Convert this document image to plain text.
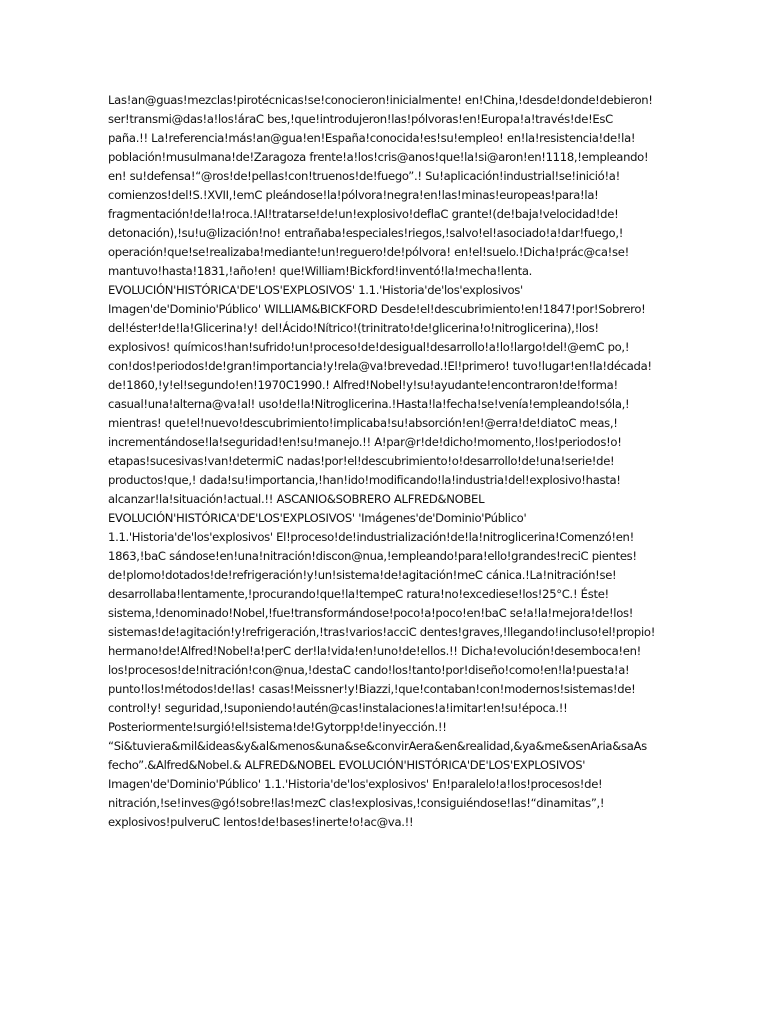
Las!an@guas!mezclas!pirotécnicas!se!conocieron!inicialmente! en!China,!desde!donde!debieron!
ser!transmi@das!a!los!áraC bes,!que!introdujeron!las!pólvoras!en!Europa!a!través!de!EsC
paña.!! La!referencia!más!an@gua!en!España!conocida!es!su!empleo! en!la!resistencia!de!la!
población!musulmana!de!Zaragoza frente!a!los!cris@anos!que!la!si@aron!en!1118,!empleando!
en! su!defensa!“@ros!de!pellas!con!truenos!de!fuego”.! Su!aplicación!industrial!se!inició!a!
comienzos!del!S.!XVII,!emC pleándose!la!pólvora!negra!en!las!minas!europeas!para!la!
fragmentación!de!la!roca.!Al!tratarse!de!un!explosivo!deflaC grante!(de!baja!velocidad!de!
detonación),!su!u@lización!no! entrañaba!especiales!riegos,!salvo!el!asociado!a!dar!fuego,!
operación!que!se!realizaba!mediante!un!reguero!de!pólvora! en!el!suelo.!Dicha!prác@ca!se!
mantuvo!hasta!1831,!año!en! que!William!Bickford!inventó!la!mecha!lenta.
EVOLUCIÓN'HISTÓRICA'DE'LOS'EXPLOSIVOS' 1.1.'Historia'de'los'explosivos'
Imagen'de'Dominio'Público' WILLIAM&BICKFORD Desde!el!descubrimiento!en!1847!por!Sobrero!
del!éster!de!la!Glicerina!y! del!Ácido!Nítrico!(trinitrato!de!glicerina!o!nitroglicerina),!los!
explosivos! químicos!han!sufrido!un!proceso!de!desigual!desarrollo!a!lo!largo!del!@emC po,!
con!dos!periodos!de!gran!importancia!y!rela@va!brevedad.!El!primero! tuvo!lugar!en!la!década!
de!1860,!y!el!segundo!en!1970C1990.! Alfred!Nobel!y!su!ayudante!encontraron!de!forma!
casual!una!alterna@va!al! uso!de!la!Nitroglicerina.!Hasta!la!fecha!se!venía!empleando!sóla,!
mientras! que!el!nuevo!descubrimiento!implicaba!su!absorción!en!@erra!de!diatoC meas,!
incrementándose!la!seguridad!en!su!manejo.!! A!par@r!de!dicho!momento,!los!periodos!o!
etapas!sucesivas!van!determiC nadas!por!el!descubrimiento!o!desarrollo!de!una!serie!de!
productos!que,! dada!su!importancia,!han!ido!modificando!la!industria!del!explosivo!hasta!
alcanzar!la!situación!actual.!! ASCANIO&SOBRERO ALFRED&NOBEL
EVOLUCIÓN'HISTÓRICA'DE'LOS'EXPLOSIVOS' 'Imágenes'de'Dominio'Público'
1.1.'Historia'de'los'explosivos' El!proceso!de!industrialización!de!la!nitroglicerina!Comenzó!en!
1863,!baC sándose!en!una!nitración!discon@nua,!empleando!para!ello!grandes!reciC pientes!
de!plomo!dotados!de!refrigeración!y!un!sistema!de!agitación!meC cánica.!La!nitración!se!
desarrollaba!lentamente,!procurando!que!la!tempeC ratura!no!excediese!los!25°C.! Éste!
sistema,!denominado!Nobel,!fue!transformándose!poco!a!poco!en!baC se!a!la!mejora!de!los!
sistemas!de!agitación!y!refrigeración,!tras!varios!acciC dentes!graves,!llegando!incluso!el!propio!
hermano!de!Alfred!Nobel!a!perC der!la!vida!en!uno!de!ellos.!! Dicha!evolución!desemboca!en!
los!procesos!de!nitración!con@nua,!destaC cando!los!tanto!por!diseño!como!en!la!puesta!a!
punto!los!métodos!de!las! casas!Meissner!y!Biazzi,!que!contaban!con!modernos!sistemas!de!
control!y! seguridad,!suponiendo!autén@cas!instalaciones!a!imitar!en!su!época.!!
Posteriormente!surgió!el!sistema!de!Gytorpp!de!inyección.!!
“Si&tuviera&mil&ideas&y&al&menos&una&se&convirAera&en&realidad,&ya&me&senAria&saAs
fecho”.&Alfred&Nobel.& ALFRED&NOBEL EVOLUCIÓN'HISTÓRICA'DE'LOS'EXPLOSIVOS'
Imagen'de'Dominio'Público' 1.1.'Historia'de'los'explosivos' En!paralelo!a!los!procesos!de!
nitración,!se!inves@gó!sobre!las!mezC clas!explosivas,!consiguiéndose!las!“dinamitas”,!
explosivos!pulveruC lentos!de!bases!inerte!o!ac@va.!!
